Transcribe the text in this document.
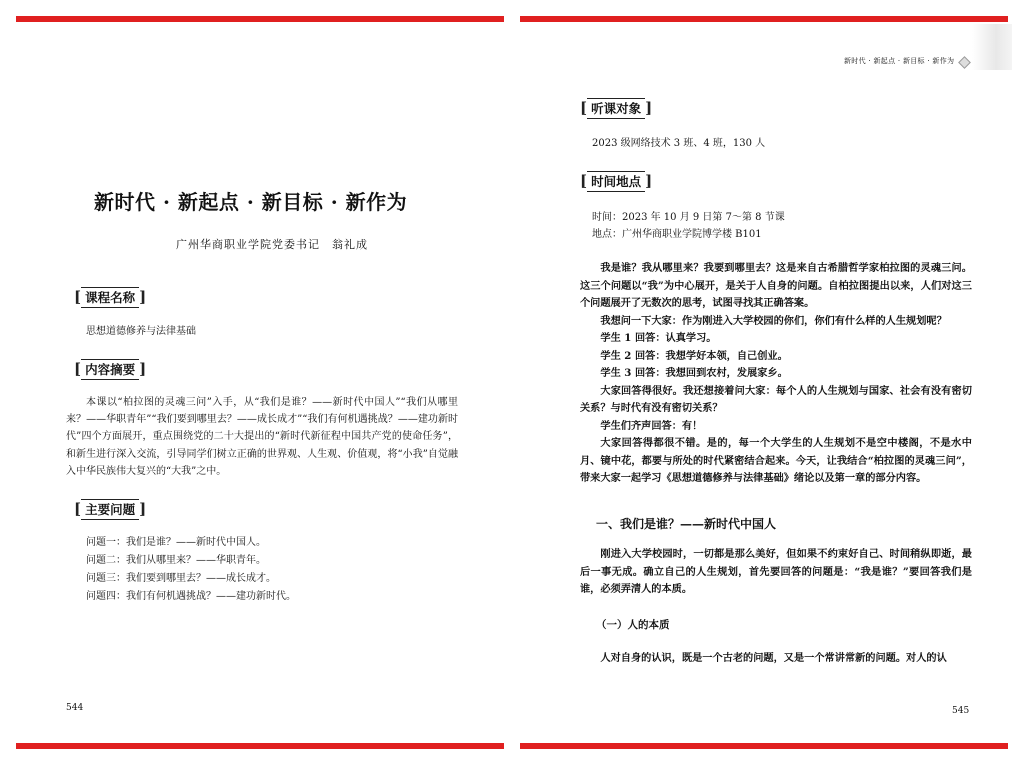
新时代 · 新起点 · 新目标 · 新作为
广州华商职业学院党委书记　翁礼成
[ 课程名称 ]
思想道德修养与法律基础
[ 内容摘要 ]
本课以“柏拉图的灵魂三问”入手，从“我们是谁？——新时代中国人”“我们从哪里来？——华职青年”“我们要到哪里去？——成长成才”“我们有何机遇挑战？——建功新时代”四个方面展开，重点围绕党的二十大提出的“新时代新征程中国共产党的使命任务”，和新生进行深入交流，引导同学们树立正确的世界观、人生观、价值观，将“小我”自觉融入中华民族伟大复兴的“大我”之中。
[ 主要问题 ]
问题一：我们是谁？——新时代中国人。
问题二：我们从哪里来？——华职青年。
问题三：我们要到哪里去？——成长成才。
问题四：我们有何机遇挑战？——建功新时代。
544
新时代 · 新起点 · 新目标 · 新作为
[ 听课对象 ]
2023 级网络技术 3 班、4 班，130 人
[ 时间地点 ]
时间：2023 年 10 月 9 日第 7～第 8 节课
地点：广州华商职业学院博学楼 B101
我是谁？我从哪里来？我要到哪里去？这是来自古希腊哲学家柏拉图的灵魂三问。这三个问题以“我”为中心展开，是关于人自身的问题。自柏拉图提出以来，人们对这三个问题展开了无数次的思考，试图寻找其正确答案。
我想问一下大家：作为刚进入大学校园的你们，你们有什么样的人生规划呢？
学生 1 回答：认真学习。
学生 2 回答：我想学好本领，自己创业。
学生 3 回答：我想回到农村，发展家乡。
大家回答得很好。我还想接着问大家：每个人的人生规划与国家、社会有没有密切关系？与时代有没有密切关系？
学生们齐声回答：有！
大家回答得都很不错。是的，每一个大学生的人生规划不是空中楼阁，不是水中月、镜中花，都要与所处的时代紧密结合起来。今天，让我结合“柏拉图的灵魂三问”，带来大家一起学习《思想道德修养与法律基础》绪论以及第一章的部分内容。
一、我们是谁？——新时代中国人
刚进入大学校园时，一切都是那么美好，但如果不约束好自己、时间稍纵即逝，最后一事无成。确立自己的人生规划，首先要回答的问题是：“我是谁？”要回答我们是谁，必须弄清人的本质。
（一）人的本质
人对自身的认识，既是一个古老的问题，又是一个常讲常新的问题。对人的认
545
